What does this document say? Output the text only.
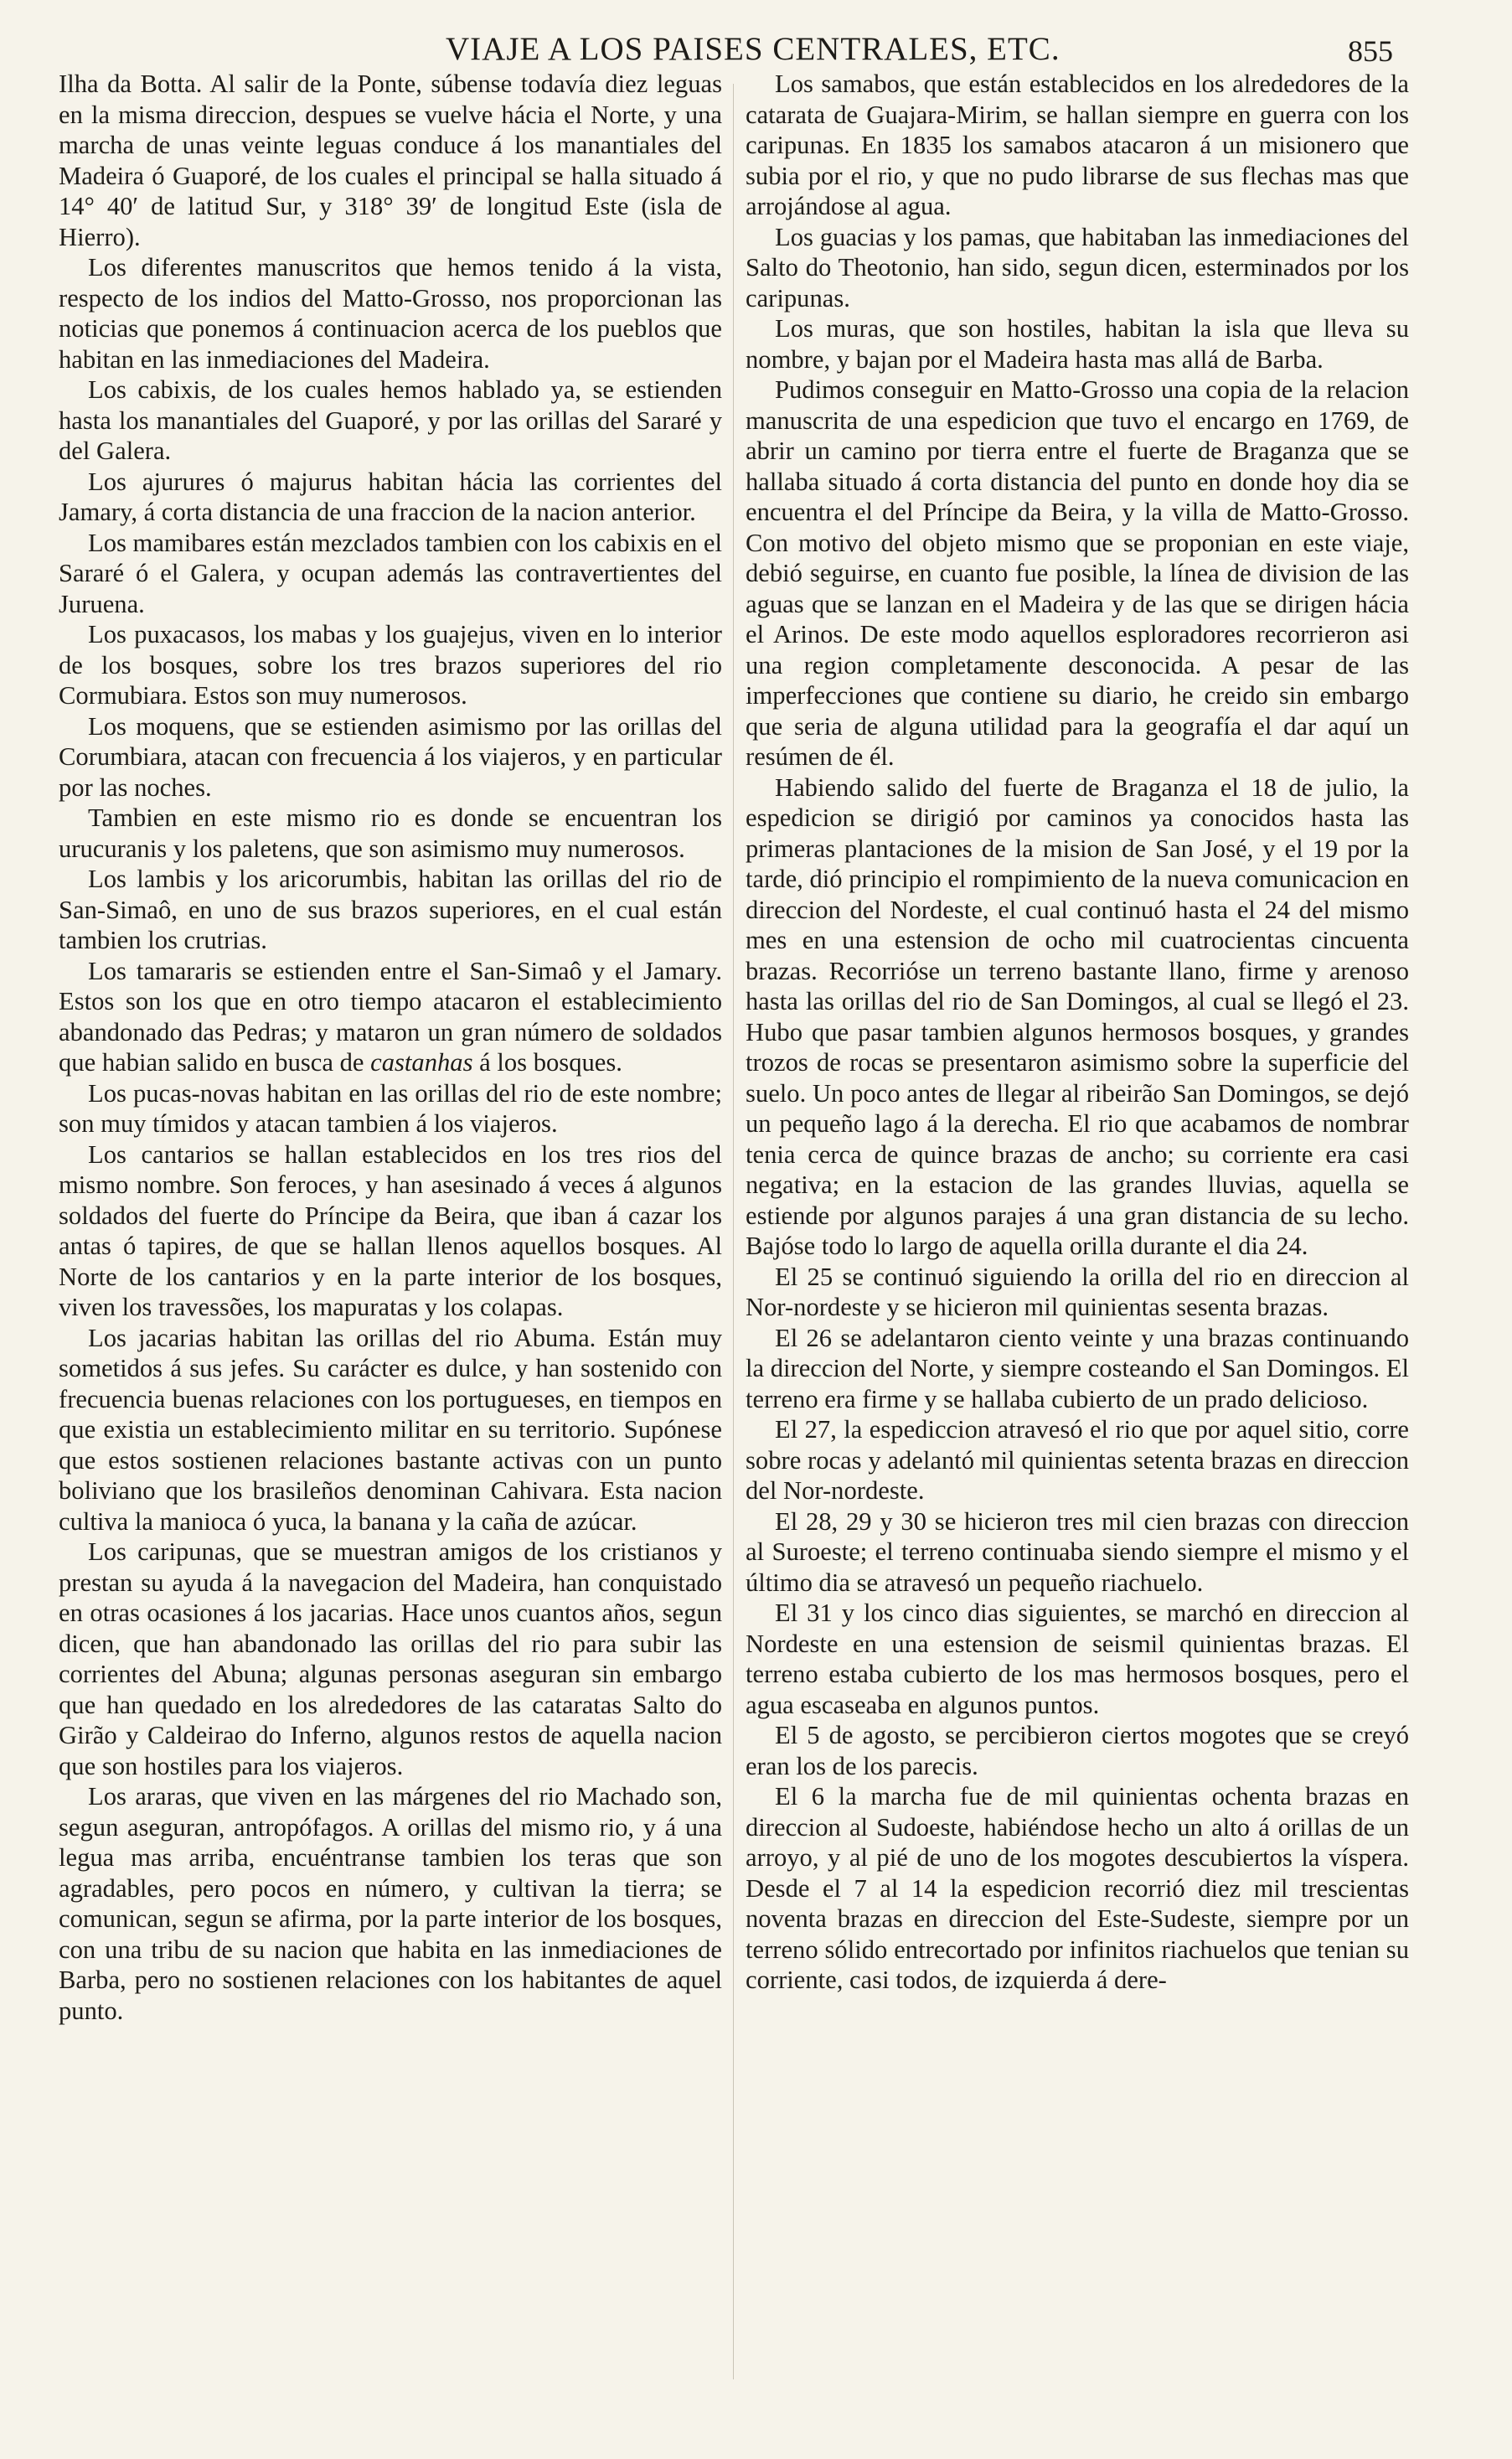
VIAJE A LOS PAISES CENTRALES, ETC.	855

Ilha da Botta. Al salir de la Ponte, súbense todavía diez leguas en la misma direccion, despues se vuelve hácia el Norte, y una marcha de unas veinte leguas conduce á los manantiales del Madeira ó Guaporé, de los cuales el principal se halla situado á 14° 40′ de latitud Sur, y 318° 39′ de longitud Este (isla de Hierro).

Los diferentes manuscritos que hemos tenido á la vista, respecto de los indios del Matto-Grosso, nos proporcionan las noticias que ponemos á continuacion acerca de los pueblos que habitan en las inmediaciones del Madeira.

Los cabixis, de los cuales hemos hablado ya, se estienden hasta los manantiales del Guaporé, y por las orillas del Sararé y del Galera.

Los ajurures ó majurus habitan hácia las corrientes del Jamary, á corta distancia de una fraccion de la nacion anterior.

Los mamibares están mezclados tambien con los cabixis en el Sararé ó el Galera, y ocupan además las contravertientes del Juruena.

Los puxacasos, los mabas y los guajejus, viven en lo interior de los bosques, sobre los tres brazos superiores del rio Cormubiara. Estos son muy numerosos.

Los moquens, que se estienden asimismo por las orillas del Corumbiara, atacan con frecuencia á los viajeros, y en particular por las noches.

Tambien en este mismo rio es donde se encuentran los urucuranis y los paletens, que son asimismo muy numerosos.

Los lambis y los aricorumbis, habitan las orillas del rio de San-Simaô, en uno de sus brazos superiores, en el cual están tambien los crutrias.

Los tamararis se estienden entre el San-Simaô y el Jamary. Estos son los que en otro tiempo atacaron el establecimiento abandonado das Pedras; y mataron un gran número de soldados que habian salido en busca de castanhas á los bosques.

Los pucas-novas habitan en las orillas del rio de este nombre; son muy tímidos y atacan tambien á los viajeros.

Los cantarios se hallan establecidos en los tres rios del mismo nombre. Son feroces, y han asesinado á veces á algunos soldados del fuerte do Príncipe da Beira, que iban á cazar los antas ó tapires, de que se hallan llenos aquellos bosques. Al Norte de los cantarios y en la parte interior de los bosques, viven los travessões, los mapuratas y los colapas.

Los jacarias habitan las orillas del rio Abuma. Están muy sometidos á sus jefes. Su carácter es dulce, y han sostenido con frecuencia buenas relaciones con los portugueses, en tiempos en que existia un establecimiento militar en su territorio. Supónese que estos sostienen relaciones bastante activas con un punto boliviano que los brasileños denominan Cahivara. Esta nacion cultiva la manioca ó yuca, la banana y la caña de azúcar.

Los caripunas, que se muestran amigos de los cristianos y prestan su ayuda á la navegacion del Madeira, han conquistado en otras ocasiones á los jacarias. Hace unos cuantos años, segun dicen, que han abandonado las orillas del rio para subir las corrientes del Abuna; algunas personas aseguran sin embargo que han quedado en los alrededores de las cataratas Salto do Girão y Caldeirao do Inferno, algunos restos de aquella nacion que son hostiles para los viajeros.

Los araras, que viven en las márgenes del rio Machado son, segun aseguran, antropófagos. A orillas del mismo rio, y á una legua mas arriba, encuéntranse tambien los teras que son agradables, pero pocos en número, y cultivan la tierra; se comunican, segun se afirma, por la parte interior de los bosques, con una tribu de su nacion que habita en las inmediaciones de Barba, pero no sostienen relaciones con los habitantes de aquel punto.

Los samabos, que están establecidos en los alrededores de la catarata de Guajara-Mirim, se hallan siempre en guerra con los caripunas. En 1835 los samabos atacaron á un misionero que subia por el rio, y que no pudo librarse de sus flechas mas que arrojándose al agua.

Los guacias y los pamas, que habitaban las inmediaciones del Salto do Theotonio, han sido, segun dicen, esterminados por los caripunas.

Los muras, que son hostiles, habitan la isla que lleva su nombre, y bajan por el Madeira hasta mas allá de Barba.

Pudimos conseguir en Matto-Grosso una copia de la relacion manuscrita de una espedicion que tuvo el encargo en 1769, de abrir un camino por tierra entre el fuerte de Braganza que se hallaba situado á corta distancia del punto en donde hoy dia se encuentra el del Príncipe da Beira, y la villa de Matto-Grosso. Con motivo del objeto mismo que se proponian en este viaje, debió seguirse, en cuanto fue posible, la línea de division de las aguas que se lanzan en el Madeira y de las que se dirigen hácia el Arinos. De este modo aquellos esploradores recorrieron asi una region completamente desconocida. A pesar de las imperfecciones que contiene su diario, he creido sin embargo que seria de alguna utilidad para la geografía el dar aquí un resúmen de él.

Habiendo salido del fuerte de Braganza el 18 de julio, la espedicion se dirigió por caminos ya conocidos hasta las primeras plantaciones de la mision de San José, y el 19 por la tarde, dió principio el rompimiento de la nueva comunicacion en direccion del Nordeste, el cual continuó hasta el 24 del mismo mes en una estension de ocho mil cuatrocientas cincuenta brazas. Recorrióse un terreno bastante llano, firme y arenoso hasta las orillas del rio de San Domingos, al cual se llegó el 23. Hubo que pasar tambien algunos hermosos bosques, y grandes trozos de rocas se presentaron asimismo sobre la superficie del suelo. Un poco antes de llegar al ribeirão San Domingos, se dejó un pequeño lago á la derecha. El rio que acabamos de nombrar tenia cerca de quince brazas de ancho; su corriente era casi negativa; en la estacion de las grandes lluvias, aquella se estiende por algunos parajes á una gran distancia de su lecho. Bajóse todo lo largo de aquella orilla durante el dia 24.

El 25 se continuó siguiendo la orilla del rio en direccion al Nor-nordeste y se hicieron mil quinientas sesenta brazas.

El 26 se adelantaron ciento veinte y una brazas continuando la direccion del Norte, y siempre costeando el San Domingos. El terreno era firme y se hallaba cubierto de un prado delicioso.

El 27, la espediccion atravesó el rio que por aquel sitio, corre sobre rocas y adelantó mil quinientas setenta brazas en direccion del Nor-nordeste.

El 28, 29 y 30 se hicieron tres mil cien brazas con direccion al Suroeste; el terreno continuaba siendo siempre el mismo y el último dia se atravesó un pequeño riachuelo.

El 31 y los cinco dias siguientes, se marchó en direccion al Nordeste en una estension de seismil quinientas brazas. El terreno estaba cubierto de los mas hermosos bosques, pero el agua escaseaba en algunos puntos.

El 5 de agosto, se percibieron ciertos mogotes que se creyó eran los de los parecis.

El 6 la marcha fue de mil quinientas ochenta brazas en direccion al Sudoeste, habiéndose hecho un alto á orillas de un arroyo, y al pié de uno de los mogotes descubiertos la víspera. Desde el 7 al 14 la espedicion recorrió diez mil trescientas noventa brazas en direccion del Este-Sudeste, siempre por un terreno sólido entrecortado por infinitos riachuelos que tenian su corriente, casi todos, de izquierda á dere-
